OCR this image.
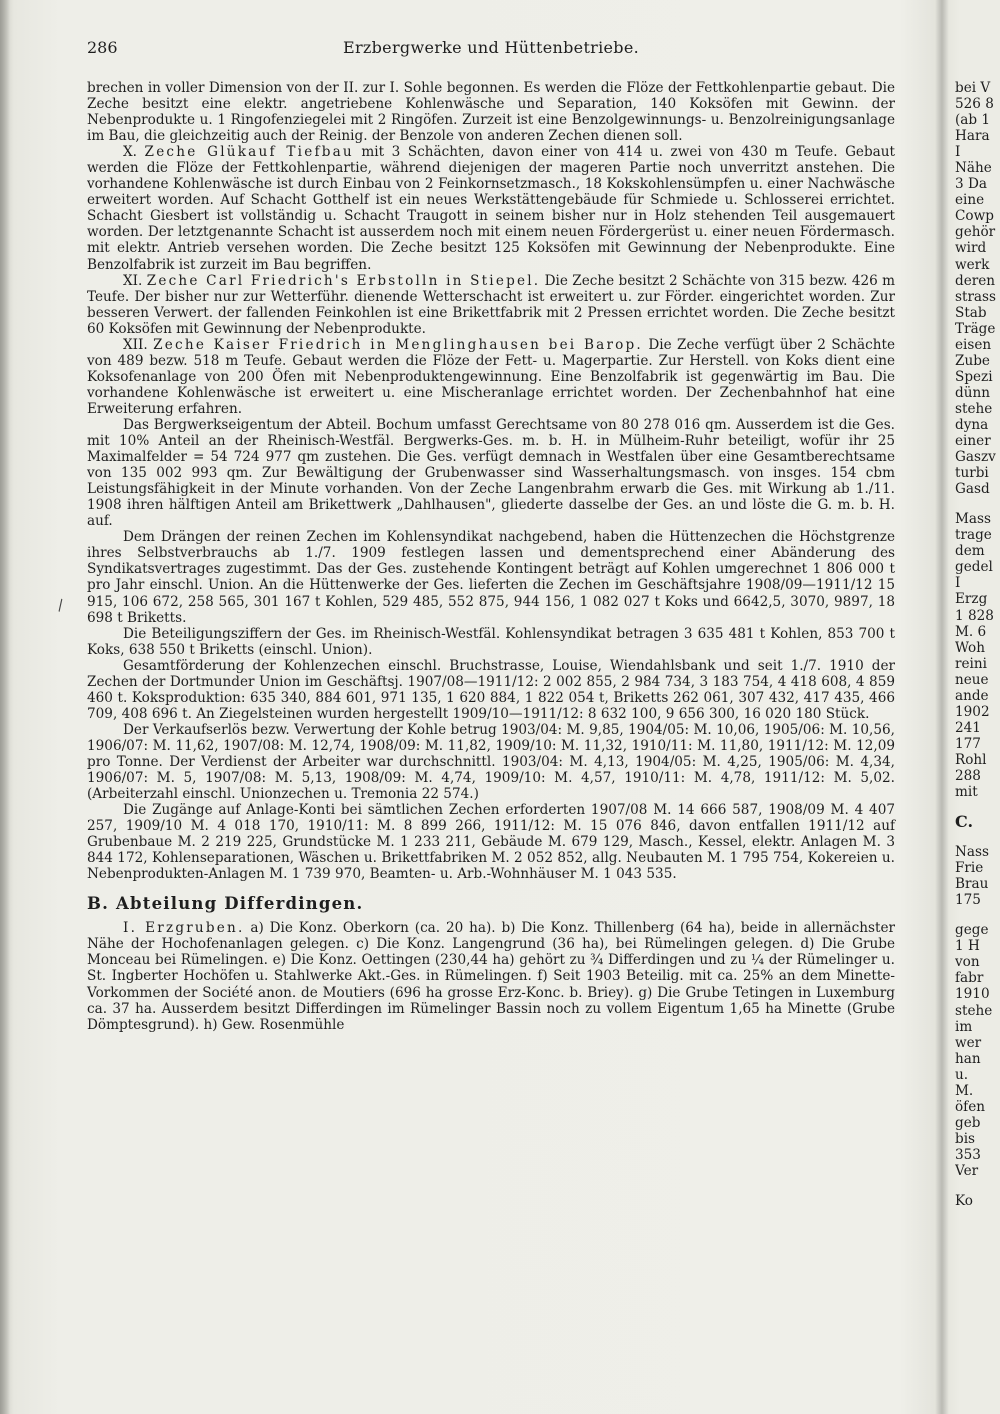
286	Erzbergwerke und Hüttenbetriebe.
\

brechen in voller Dimension von der II. zur I. Sohle begonnen. Es werden die Flöze der Fettkohlenpartie gebaut. Die Zeche besitzt eine elektr. angetriebene Kohlenwäsche und Separation, 140 Koksöfen mit Gewinn. der Nebenprodukte u. 1 Ringofenziegelei mit 2 Ringöfen. Zurzeit ist eine Benzolgewinnungs- u. Benzolreinigungsanlage im Bau, die gleichzeitig auch der Reinig. der Benzole von anderen Zechen dienen soll.

X. Zeche Glükauf Tiefbau mit 3 Schächten, davon einer von 414 u. zwei von 430 m Teufe. Gebaut werden die Flöze der Fettkohlenpartie, während diejenigen der mageren Partie noch unverritzt anstehen. Die vorhandene Kohlenwäsche ist durch Einbau von 2 Feinkornsetzmasch., 18 Kokskohlensümpfen u. einer Nachwäsche erweitert worden. Auf Schacht Gotthelf ist ein neues Werkstättengebäude für Schmiede u. Schlosserei errichtet. Schacht Giesbert ist vollständig u. Schacht Traugott in seinem bisher nur in Holz stehenden Teil ausgemauert worden. Der letztgenannte Schacht ist ausserdem noch mit einem neuen Fördergerüst u. einer neuen Fördermasch. mit elektr. Antrieb versehen worden. Die Zeche besitzt 125 Koksöfen mit Gewinnung der Nebenprodukte. Eine Benzolfabrik ist zurzeit im Bau begriffen.

XI. Zeche Carl Friedrich's Erbstolln in Stiepel. Die Zeche besitzt 2 Schächte von 315 bezw. 426 m Teufe. Der bisher nur zur Wetterführ. dienende Wetterschacht ist erweitert u. zur Förder. eingerichtet worden. Zur besseren Verwert. der fallenden Feinkohlen ist eine Brikettfabrik mit 2 Pressen errichtet worden. Die Zeche besitzt 60 Koksöfen mit Gewinnung der Nebenprodukte.

XII. Zeche Kaiser Friedrich in Menglinghausen bei Barop. Die Zeche verfügt über 2 Schächte von 489 bezw. 518 m Teufe. Gebaut werden die Flöze der Fett- u. Magerpartie. Zur Herstell. von Koks dient eine Koksofenanlage von 200 Öfen mit Nebenproduktengewinnung. Eine Benzolfabrik ist gegenwärtig im Bau. Die vorhandene Kohlenwäsche ist erweitert u. eine Mischeranlage errichtet worden. Der Zechenbahnhof hat eine Erweiterung erfahren.

Das Bergwerkseigentum der Abteil. Bochum umfasst Gerechtsame von 80 278 016 qm. Ausserdem ist die Ges. mit 10% Anteil an der Rheinisch-Westfäl. Bergwerks-Ges. m. b. H. in Mülheim-Ruhr beteiligt, wofür ihr 25 Maximalfelder = 54 724 977 qm zustehen. Die Ges. verfügt demnach in Westfalen über eine Gesamtberechtsame von 135 002 993 qm. Zur Bewältigung der Grubenwasser sind Wasserhaltungsmasch. von insges. 154 cbm Leistungsfähigkeit in der Minute vorhanden. Von der Zeche Langenbrahm erwarb die Ges. mit Wirkung ab 1./11. 1908 ihren hälftigen Anteil am Brikettwerk „Dahlhausen", gliederte dasselbe der Ges. an und löste die G. m. b. H. auf.

Dem Drängen der reinen Zechen im Kohlensyndikat nachgebend, haben die Hüttenzechen die Höchstgrenze ihres Selbstverbrauchs ab 1./7. 1909 festlegen lassen und dementsprechend einer Abänderung des Syndikatsvertrages zugestimmt. Das der Ges. zustehende Kontingent beträgt auf Kohlen umgerechnet 1 806 000 t pro Jahr einschl. Union. An die Hüttenwerke der Ges. lieferten die Zechen im Geschäftsjahre 1908/09—1911/12 15 915, 106 672, 258 565, 301 167 t Kohlen, 529 485, 552 875, 944 156, 1 082 027 t Koks und 6642,5, 3070, 9897, 18 698 t Briketts.

Die Beteiligungsziffern der Ges. im Rheinisch-Westfäl. Kohlensyndikat betragen 3 635 481 t Kohlen, 853 700 t Koks, 638 550 t Briketts (einschl. Union).

Gesamtförderung der Kohlenzechen einschl. Bruchstrasse, Louise, Wiendahlsbank und seit 1./7. 1910 der Zechen der Dortmunder Union im Geschäftsj. 1907/08—1911/12: 2 002 855, 2 984 734, 3 183 754, 4 418 608, 4 859 460 t. Koksproduktion: 635 340, 884 601, 971 135, 1 620 884, 1 822 054 t, Briketts 262 061, 307 432, 417 435, 466 709, 408 696 t. An Ziegelsteinen wurden hergestellt 1909/10—1911/12: 8 632 100, 9 656 300, 16 020 180 Stück.

Der Verkaufserlös bezw. Verwertung der Kohle betrug 1903/04: M. 9,85, 1904/05: M. 10,06, 1905/06: M. 10,56, 1906/07: M. 11,62, 1907/08: M. 12,74, 1908/09: M. 11,82, 1909/10: M. 11,32, 1910/11: M. 11,80, 1911/12: M. 12,09 pro Tonne. Der Verdienst der Arbeiter war durchschnittl. 1903/04: M. 4,13, 1904/05: M. 4,25, 1905/06: M. 4,34, 1906/07: M. 5, 1907/08: M. 5,13, 1908/09: M. 4,74, 1909/10: M. 4,57, 1910/11: M. 4,78, 1911/12: M. 5,02. (Arbeiterzahl einschl. Unionzechen u. Tremonia 22 574.)

Die Zugänge auf Anlage-Konti bei sämtlichen Zechen erforderten 1907/08 M. 14 666 587, 1908/09 M. 4 407 257, 1909/10 M. 4 018 170, 1910/11: M. 8 899 266, 1911/12: M. 15 076 846, davon entfallen 1911/12 auf Grubenbaue M. 2 219 225, Grundstücke M. 1 233 211, Gebäude M. 679 129, Masch., Kessel, elektr. Anlagen M. 3 844 172, Kohlenseparationen, Wäschen u. Brikettfabriken M. 2 052 852, allg. Neubauten M. 1 795 754, Kokereien u. Nebenprodukten-Anlagen M. 1 739 970, Beamten- u. Arb.-Wohnhäuser M. 1 043 535.

B. Abteilung Differdingen.

I. Erzgruben. a) Die Konz. Oberkorn (ca. 20 ha). b) Die Konz. Thillenberg (64 ha), beide in allernächster Nähe der Hochofenanlagen gelegen. c) Die Konz. Langengrund (36 ha), bei Rümelingen gelegen. d) Die Grube Monceau bei Rümelingen. e) Die Konz. Oettingen (230,44 ha) gehört zu ¾ Differdingen und zu ¼ der Rümelinger u. St. Ingberter Hochöfen u. Stahlwerke Akt.-Ges. in Rümelingen. f) Seit 1903 Beteilig. mit ca. 25% an dem Minette-Vorkommen der Société anon. de Moutiers (696 ha grosse Erz-Konc. b. Briey). g) Die Grube Tetingen in Luxemburg ca. 37 ha. Ausserdem besitzt Differdingen im Rümelinger Bassin noch zu vollem Eigentum 1,65 ha Minette (Grube Dömptesgrund). h) Gew. Rosenmühle

bei V
526 8
(ab 1
Hara
I
Nähe
3 Da
eine
Cowp
gehör
wird
werk
deren
strass
Stab
Träge
eisen
Zube
Spezi
dünn
stehe
dyna
einer
Gaszv
turbi
Gasd
Mass
trage
dem
gedel
I
Erzg
1 828
M. 6
Woh
reini
neue
ande
1902
241
177
Rohl
288
mit
C.
Nass
Frie
Brau
175
gege
1 H
von
fabr
1910
stehe
im
wer
han
u.
M.
öfen
geb
bis
353
Ver
Ko
